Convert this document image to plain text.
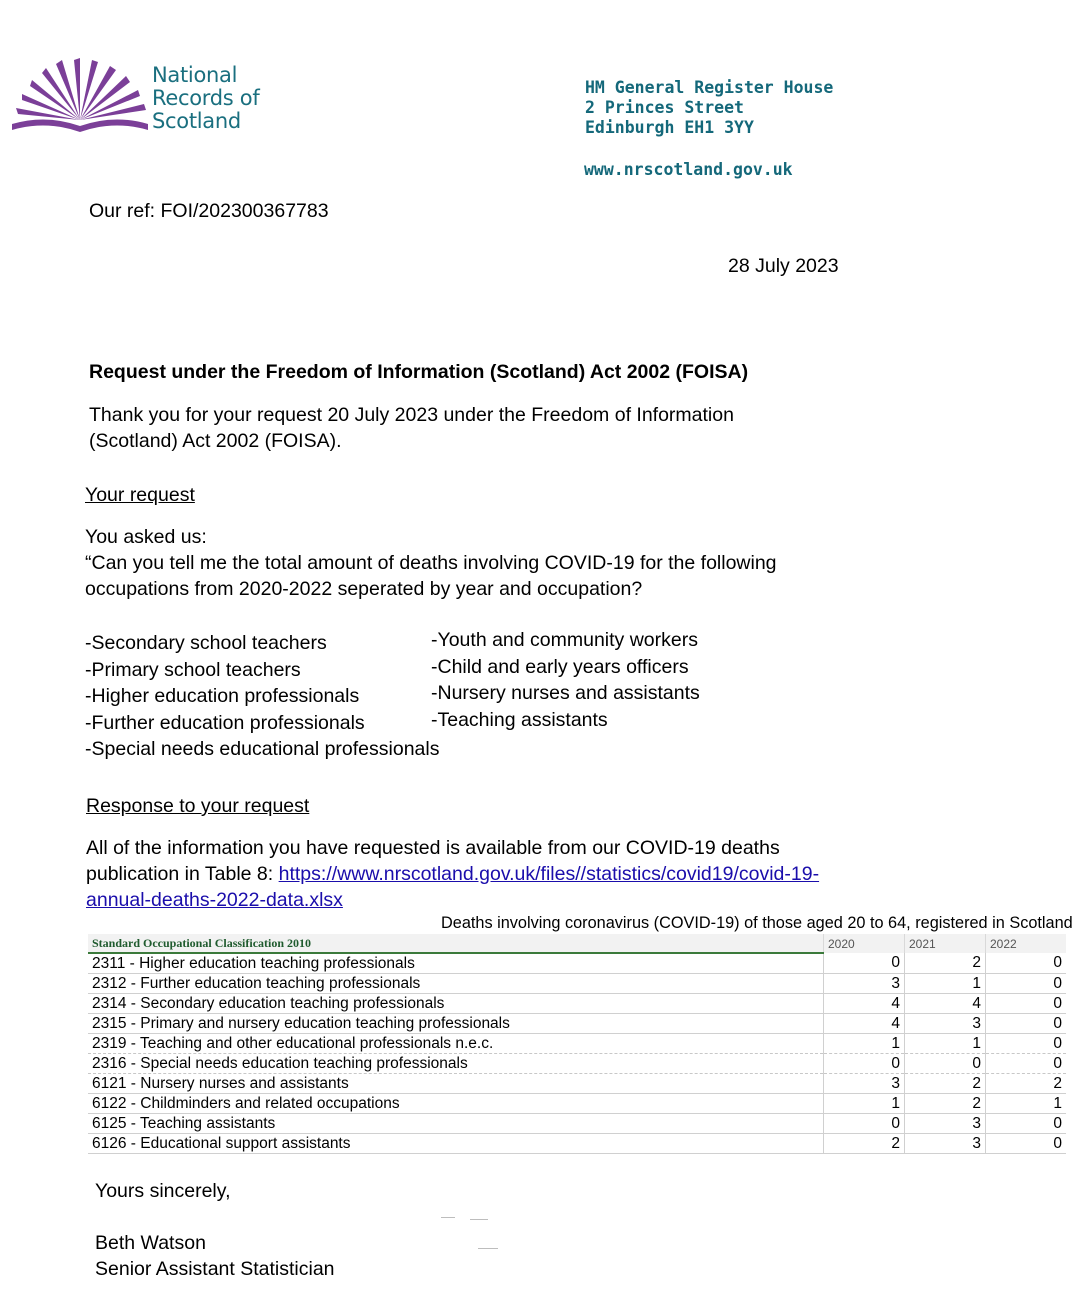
National
Records of
Scotland
HM General Register House
2 Princes Street
Edinburgh EH1 3YY
www.nrscotland.gov.uk
Our ref: FOI/202300367783
28 July 2023
Request under the Freedom of Information (Scotland) Act 2002 (FOISA)
Thank you for your request 20 July 2023 under the Freedom of Information (Scotland) Act 2002 (FOISA).
Your request
You asked us:
“Can you tell me the total amount of deaths involving COVID-19 for the following occupations from 2020-2022 seperated by year and occupation?
-Secondary school teachers
-Primary school teachers
-Higher education professionals
-Further education professionals
-Special needs educational professionals
-Youth and community workers
-Child and early years officers
-Nursery nurses and assistants
-Teaching assistants
Response to your request
All of the information you have requested is available from our COVID-19 deaths publication in Table 8: https://www.nrscotland.gov.uk/files//statistics/covid19/covid-19-annual-deaths-2022-data.xlsx
Deaths involving coronavirus (COVID-19) of those aged 20 to 64, registered in Scotland
Standard Occupational Classification 2010	2020	2021	2022
2311 - Higher education teaching professionals	0	2	0
2312 - Further education teaching professionals	3	1	0
2314 - Secondary education teaching professionals	4	4	0
2315 - Primary and nursery education teaching professionals	4	3	0
2319 - Teaching and other educational professionals n.e.c.	1	1	0
2316 - Special needs education teaching professionals	0	0	0
6121 - Nursery nurses and assistants	3	2	2
6122 - Childminders and related occupations	1	2	1
6125 - Teaching assistants	0	3	0
6126 - Educational support assistants	2	3	0
Yours sincerely,
Beth Watson
Senior Assistant Statistician
